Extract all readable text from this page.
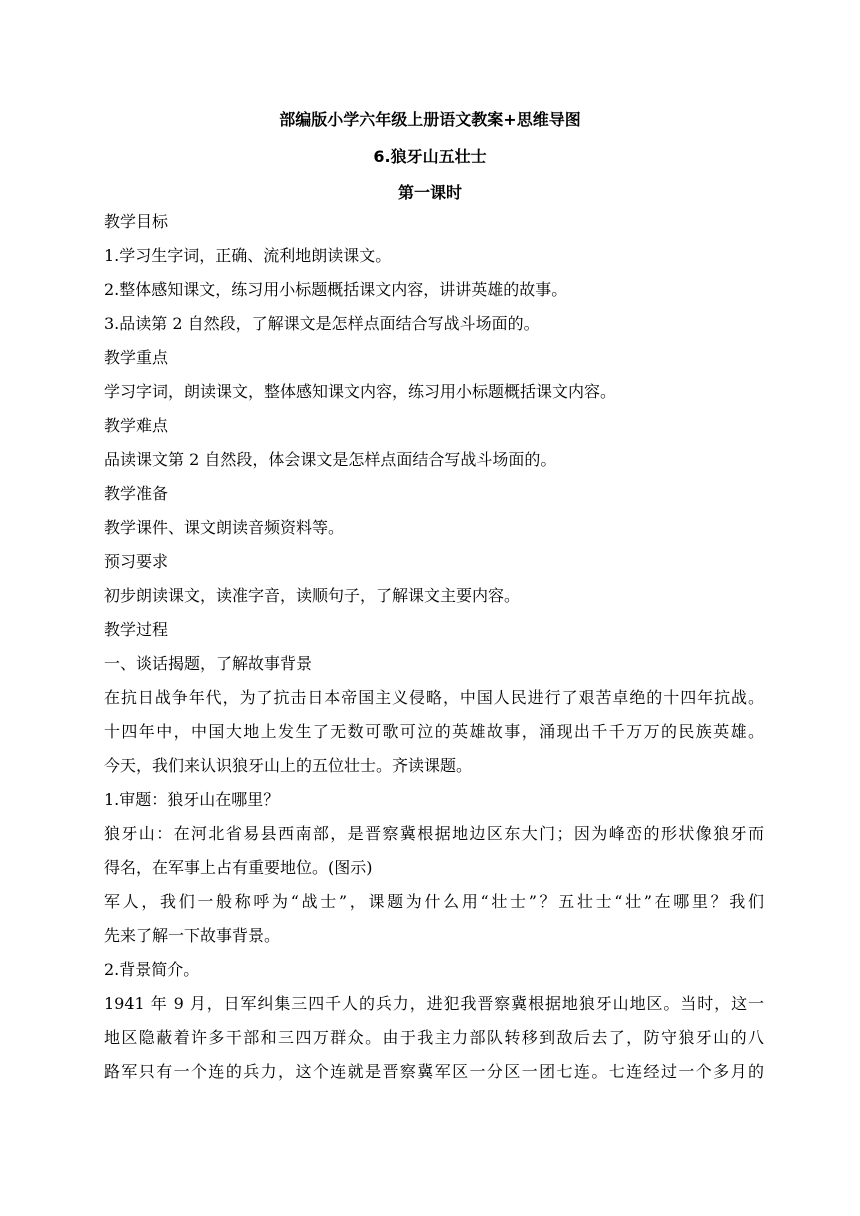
部编版小学六年级上册语文教案+思维导图
6.狼牙山五壮士
第一课时
教学目标
1.学习生字词，正确、流利地朗读课文。
2.整体感知课文，练习用小标题概括课文内容，讲讲英雄的故事。
3.品读第 2 自然段，了解课文是怎样点面结合写战斗场面的。
教学重点
学习字词，朗读课文，整体感知课文内容，练习用小标题概括课文内容。
教学难点
品读课文第 2 自然段，体会课文是怎样点面结合写战斗场面的。
教学准备
教学课件、课文朗读音频资料等。
预习要求
初步朗读课文，读准字音，读顺句子，了解课文主要内容。
教学过程
一、谈话揭题，了解故事背景
在抗日战争年代，为了抗击日本帝国主义侵略，中国人民进行了艰苦卓绝的十四年抗战。
十四年中，中国大地上发生了无数可歌可泣的英雄故事，涌现出千千万万的民族英雄。
今天，我们来认识狼牙山上的五位壮士。齐读课题。
1.审题：狼牙山在哪里？
狼牙山：在河北省易县西南部，是晋察冀根据地边区东大门；因为峰峦的形状像狼牙而
得名，在军事上占有重要地位。(图示)
军人，我们一般称呼为“战士”，课题为什么用“壮士”？五壮士“壮”在哪里？我们
先来了解一下故事背景。
2.背景简介。
1941 年 9 月，日军纠集三四千人的兵力，进犯我晋察冀根据地狼牙山地区。当时，这一
地区隐蔽着许多干部和三四万群众。由于我主力部队转移到敌后去了，防守狼牙山的八
路军只有一个连的兵力，这个连就是晋察冀军区一分区一团七连。七连经过一个多月的
